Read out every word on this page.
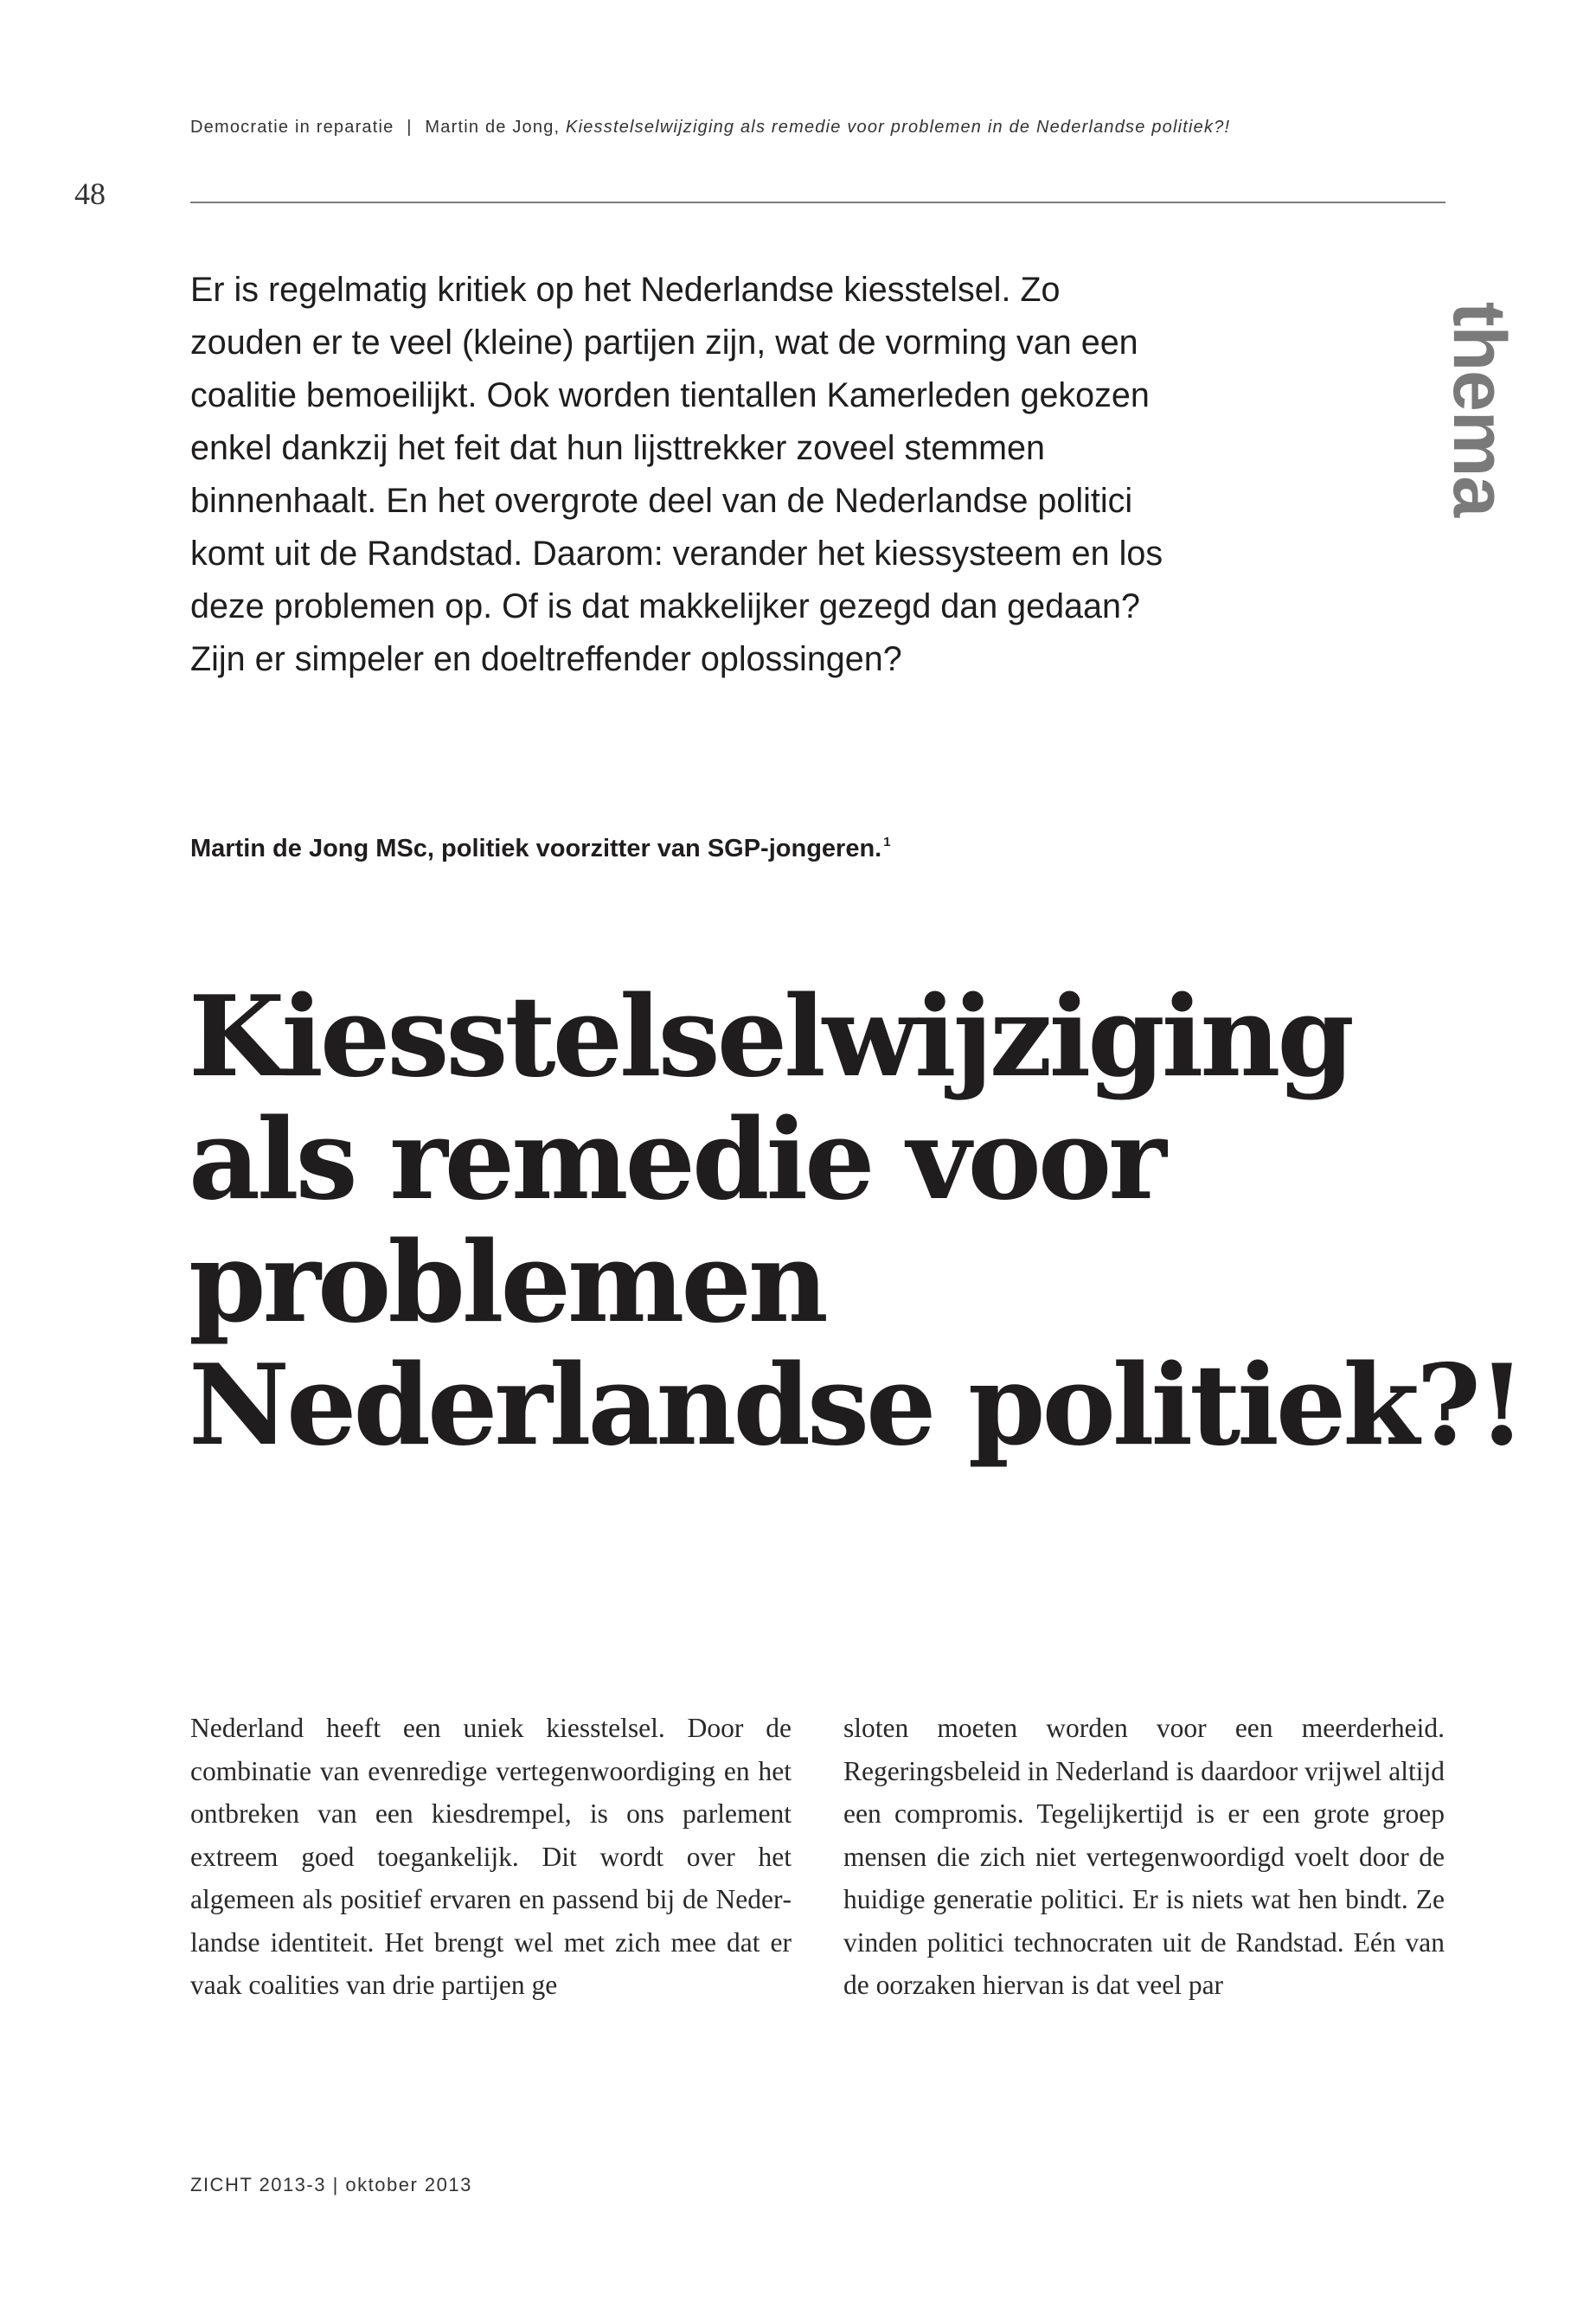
Democratie in reparatie | Martin de Jong, Kiesstelselwijziging als remedie voor problemen in de Nederlandse politiek?!
48
thema

Er is regelmatig kritiek op het Nederlandse kiesstelsel. Zo zouden er te veel (kleine) partijen zijn, wat de vorming van een coalitie bemoeilijkt. Ook worden tientallen Kamerleden gekozen enkel dankzij het feit dat hun lijsttrekker zoveel stemmen binnenhaalt. En het overgrote deel van de Nederlandse politici komt uit de Randstad. Daarom: verander het kiessysteem en los deze problemen op. Of is dat makkelijker gezegd dan gedaan? Zijn er simpeler en doeltreffender oplossingen?

Martin de Jong MSc, politiek voorzitter van SGP-jongeren. $^1$
Kiesstelselwijziging
als remedie voor
problemen
Nederlandse politiek?!

Nederland heeft een uniek kiesstelsel. Door de combinatie van evenredige vertegenwoordiging en het ontbreken van een kiesdrempel, is ons parlement extreem goed toegankelijk. Dit wordt over het algemeen als positief ervaren en passend bij de Nederlandse identiteit. Het brengt wel met zich mee dat er vaak coalities van drie partijen ge

sloten moeten worden voor een meerderheid. Regeringsbeleid in Nederland is daardoor vrijwel altijd een compromis. Tegelijkertijd is er een grote groep mensen die zich niet vertegenwoordigd voelt door de huidige generatie politici. Er is niets wat hen bindt. Ze vinden politici technocraten uit de Randstad. Eén van de oorzaken hiervan is dat veel par

ZICHT 2013-3 | oktober 2013
